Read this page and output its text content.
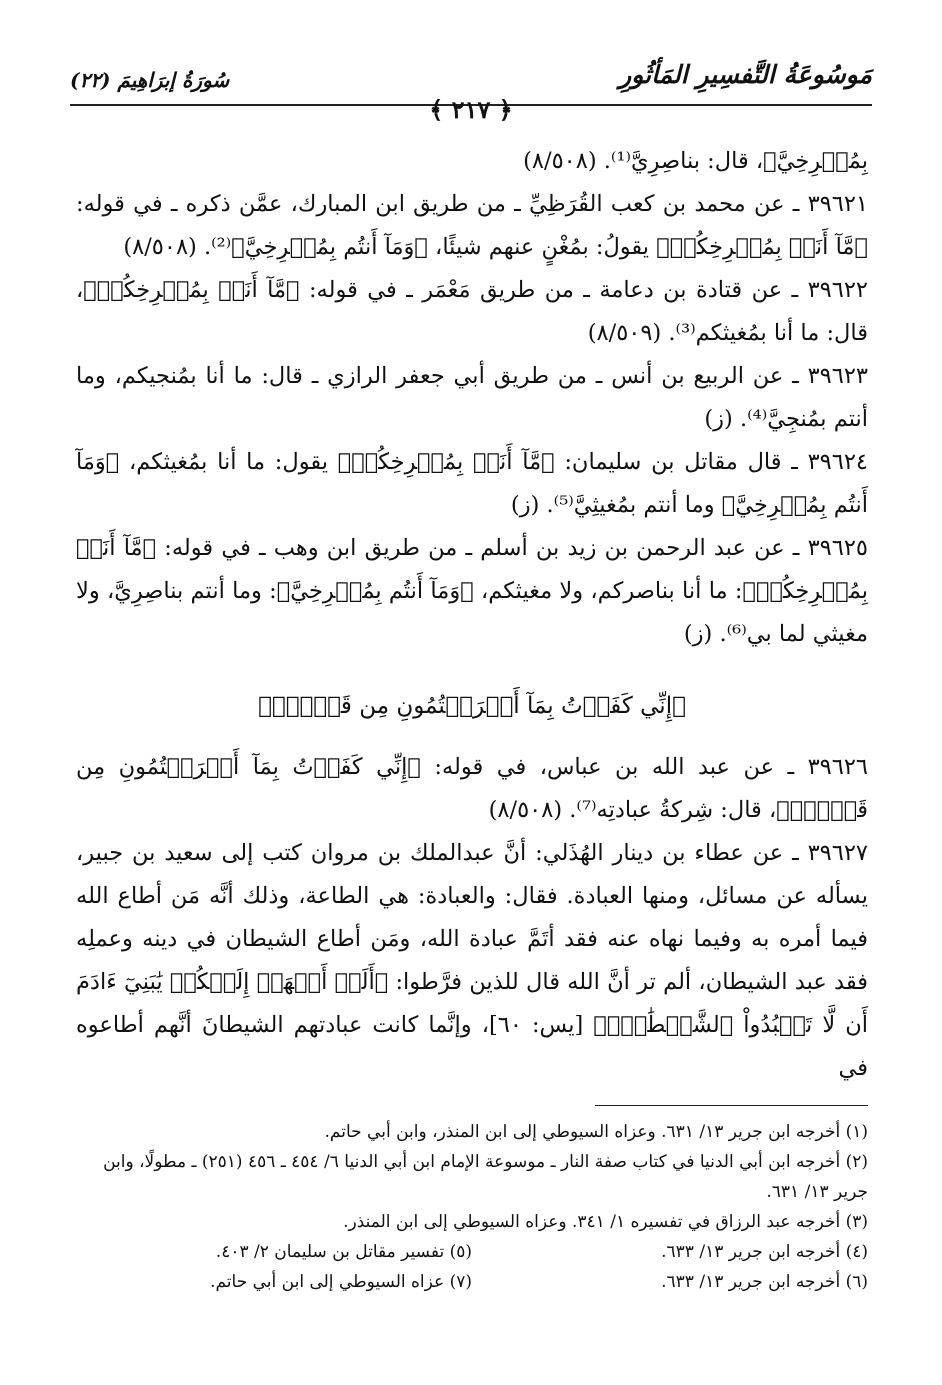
مَوسُوعَةُ التَّفسِيرِ المَأثُورِ
سُورَةُ إبرَاهِيمَ (٢٢)
﴾ ٢١٧ ﴿

بِمُصۡرِخِيَّ﴾، قال: بناصِرِيَّ⁽¹⁾. (٨/٥٠٨)

٣٩٦٢١ ـ عن محمد بن كعب القُرَظِيِّ ـ من طريق ابن المبارك، عمَّن ذكره ـ في قوله: ﴿مَّآ أَنَا۠ بِمُصۡرِخِكُمۡ﴾ يقولُ: بمُغْنٍ عنهم شيئًا، ﴿وَمَآ أَنتُم بِمُصۡرِخِيَّ﴾⁽²⁾. (٨/٥٠٨)

٣٩٦٢٢ ـ عن قتادة بن دعامة ـ من طريق مَعْمَر ـ في قوله: ﴿مَّآ أَنَا۠ بِمُصۡرِخِكُمۡ﴾، قال: ما أنا بمُغيثكم⁽³⁾. (٨/٥٠٩)

٣٩٦٢٣ ـ عن الربيع بن أنس ـ من طريق أبي جعفر الرازي ـ قال: ما أنا بمُنجيكم، وما أنتم بمُنجِيَّ⁽⁴⁾. (ز)

٣٩٦٢٤ ـ قال مقاتل بن سليمان: ﴿مَّآ أَنَا۠ بِمُصۡرِخِكُمۡ﴾ يقول: ما أنا بمُغيثكم، ﴿وَمَآ أَنتُم بِمُصۡرِخِيَّ﴾ وما أنتم بمُغيثِيَّ⁽⁵⁾. (ز)

٣٩٦٢٥ ـ عن عبد الرحمن بن زيد بن أسلم ـ من طريق ابن وهب ـ في قوله: ﴿مَّآ أَنَا۠ بِمُصۡرِخِكُمۡ﴾: ما أنا بناصركم، ولا مغيثكم، ﴿وَمَآ أَنتُم بِمُصۡرِخِيَّ﴾: وما أنتم بناصِرِيَّ، ولا مغيثي لما بي⁽⁶⁾. (ز)

﴿إِنِّي كَفَرۡتُ بِمَآ أَشۡرَكۡتُمُونِ مِن قَبۡلُۗ﴾

٣٩٦٢٦ ـ عن عبد الله بن عباس، في قوله: ﴿إِنِّي كَفَرۡتُ بِمَآ أَشۡرَكۡتُمُونِ مِن قَبۡلُۗ﴾، قال: شِركةُ عبادتِه⁽⁷⁾. (٨/٥٠٨)

٣٩٦٢٧ ـ عن عطاء بن دينار الهُذَلي: أنَّ عبدالملك بن مروان كتب إلى سعيد بن جبير، يسأله عن مسائل، ومنها العبادة. فقال: والعبادة: هي الطاعة، وذلك أنَّه مَن أطاع الله فيما أمره به وفيما نهاه عنه فقد أتَمَّ عبادة الله، ومَن أطاع الشيطان في دينه وعملِه فقد عبد الشيطان، ألم تر أنَّ الله قال للذين فرَّطوا: ﴿أَلَمۡ أَعۡهَدۡ إِلَيۡكُمۡ يَٰبَنِيٓ ءَادَمَ أَن لَّا تَعۡبُدُواْ ٱلشَّيۡطَٰنَۖ﴾ [يس: ٦٠]، وإنَّما كانت عبادتهم الشيطانَ أنَّهم أطاعوه في

(١) أخرجه ابن جرير ١٣/ ٦٣١. وعزاه السيوطي إلى ابن المنذر، وابن أبي حاتم.
(٢) أخرجه ابن أبي الدنيا في كتاب صفة النار ـ موسوعة الإمام ابن أبي الدنيا ٦/ ٤٥٤ ـ ٤٥٦ (٢٥١) ـ مطولًا، وابن جرير ١٣/ ٦٣١.
(٣) أخرجه عبد الرزاق في تفسيره ١/ ٣٤١. وعزاه السيوطي إلى ابن المنذر.
(٤) أخرجه ابن جرير ١٣/ ٦٣٣.
(٥) تفسير مقاتل بن سليمان ٢/ ٤٠٣.
(٦) أخرجه ابن جرير ١٣/ ٦٣٣.
(٧) عزاه السيوطي إلى ابن أبي حاتم.
